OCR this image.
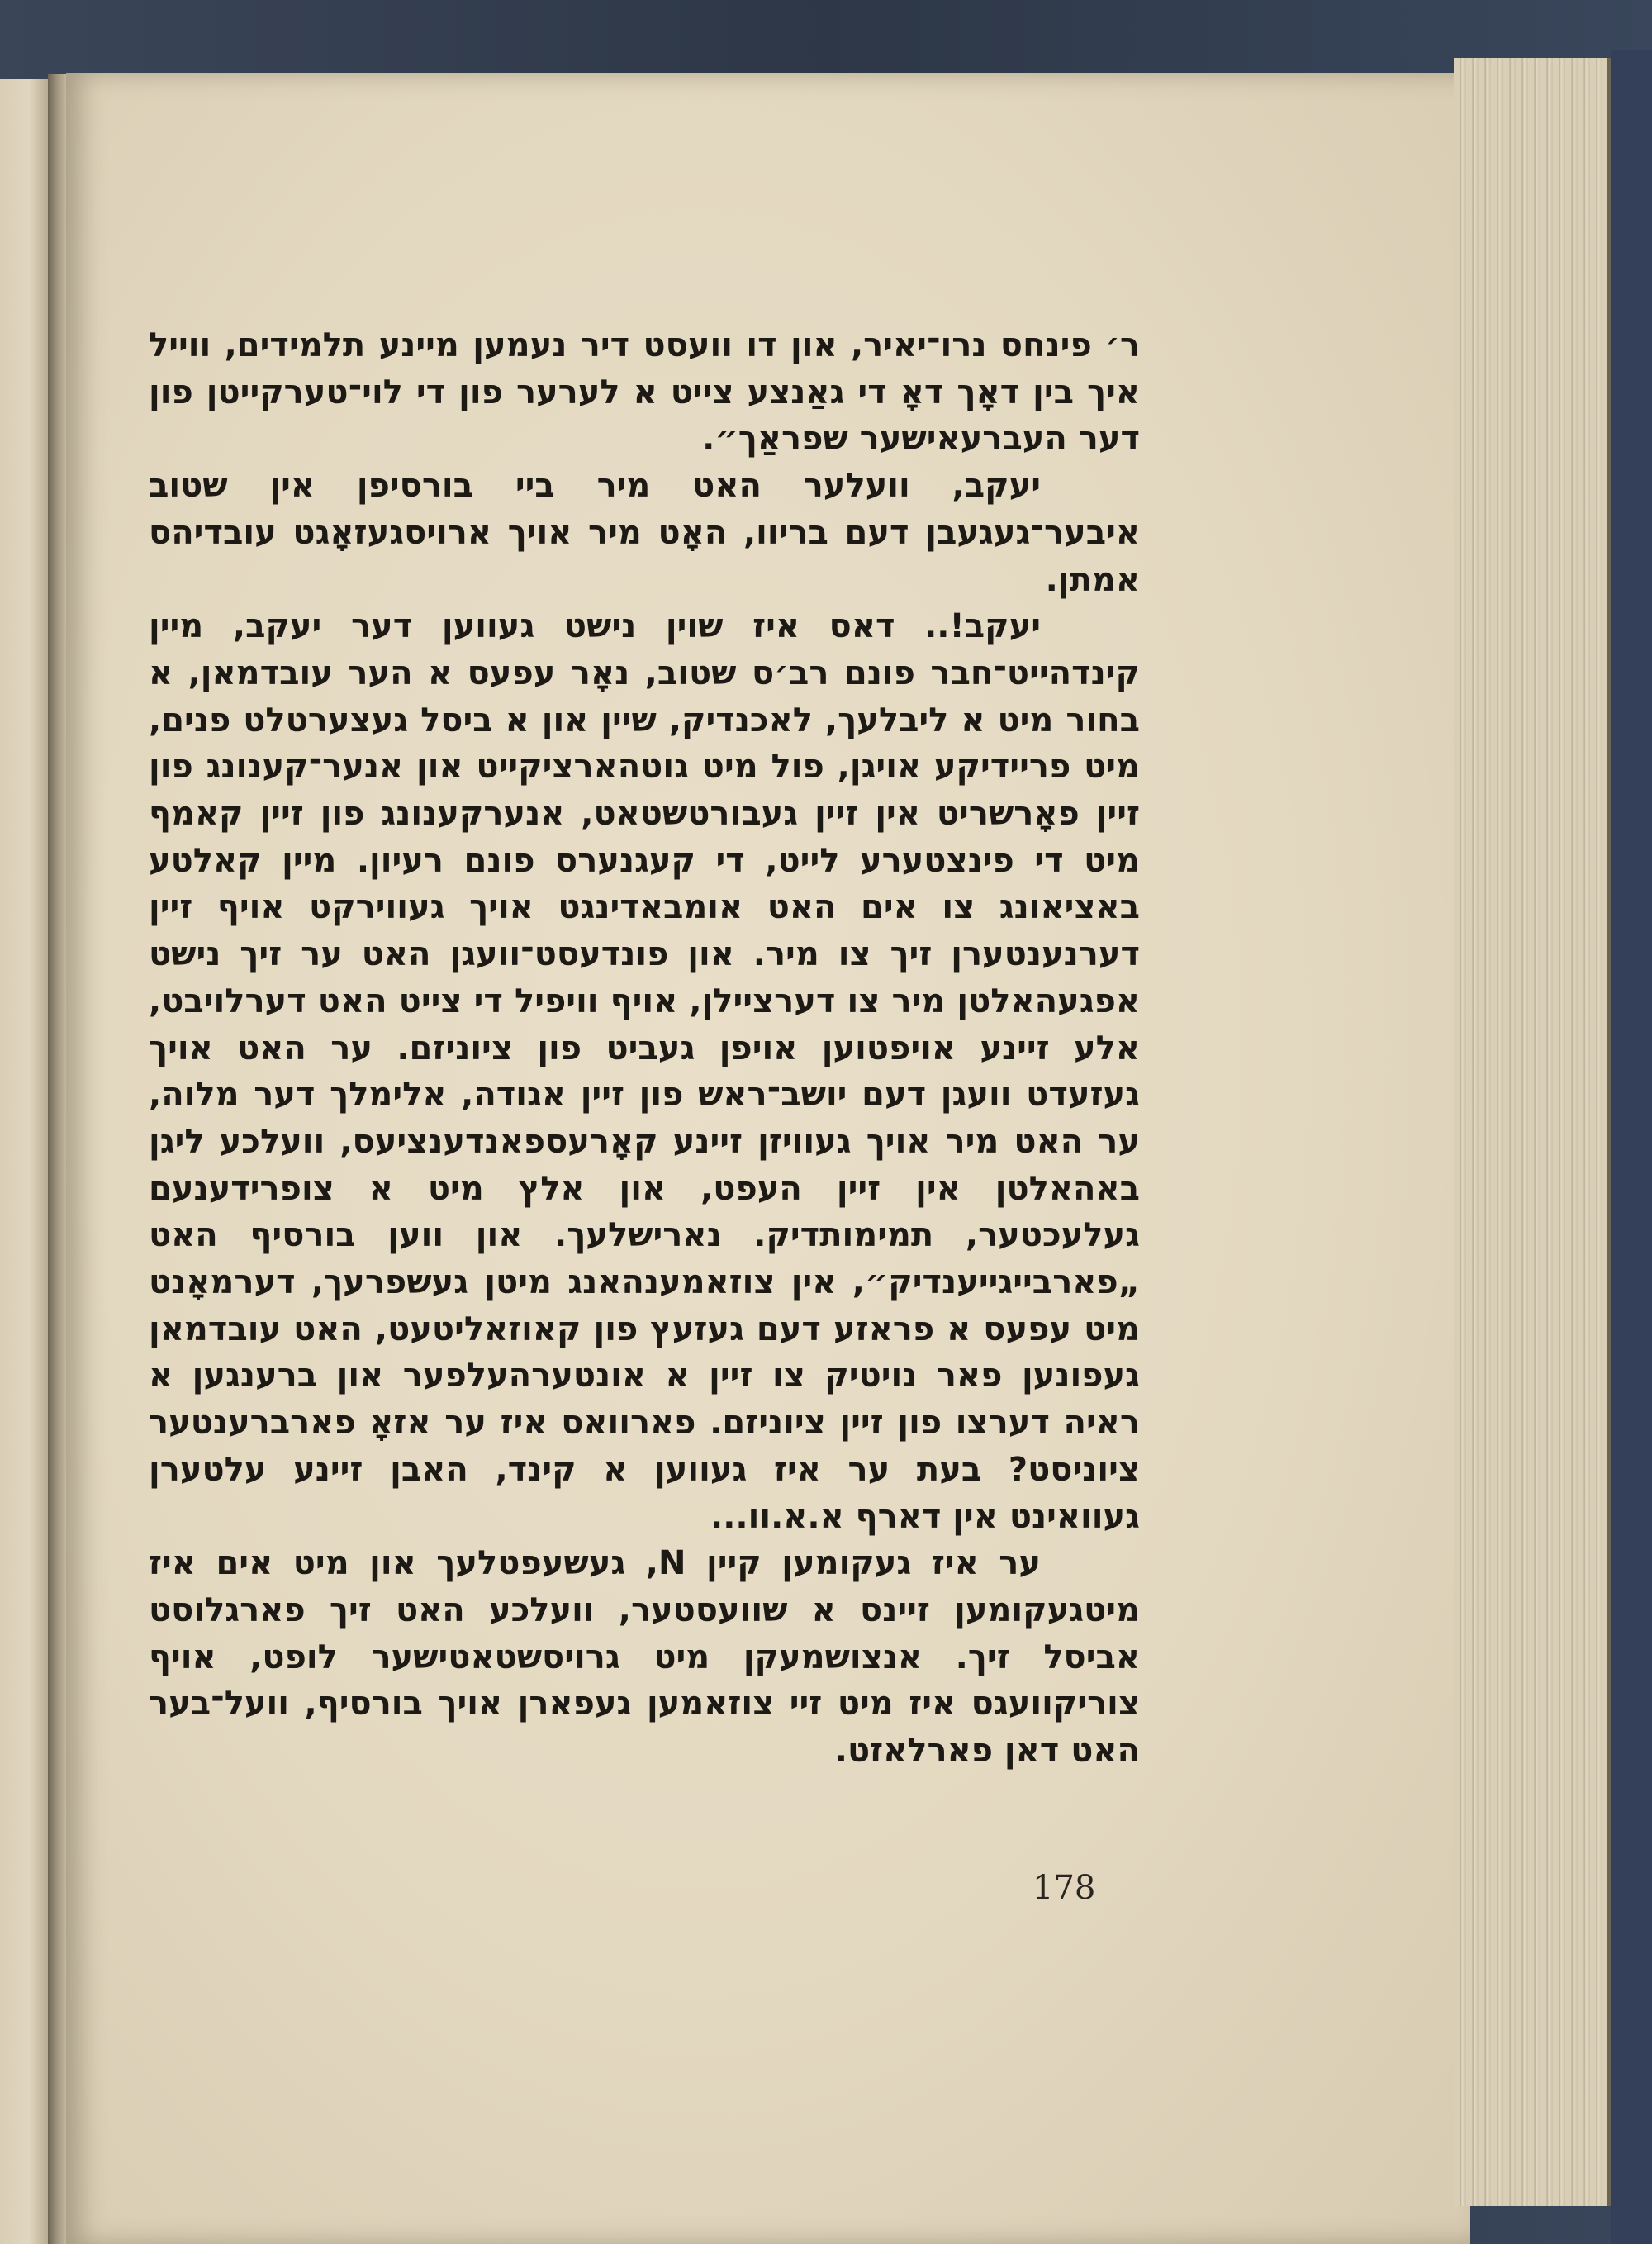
ר׳ פינחס נרו־יאיר, און דו וועסט דיר נעמען מיינע תלמידים, ווייל איך בין דאָך דאָ די גאַנצע צייט א לערער פון די לוי־טערקייטן פון דער העברעאישער שפראַך״.

יעקב, וועלער האט מיר ביי בורסיפן אין שטוב איבער־געגעבן דעם בריוו, האָט מיר אויך ארויסגעזאָגט עובדיהס אמתן.

יעקב!.. דאס איז שוין נישט געווען דער יעקב, מיין קינדהייט־חבר פונם רב׳ס שטוב, נאָר עפעס א הער עובדמאן, א בחור מיט א ליבלעך, לאכנדיק, שיין און א ביסל געצערטלט פנים, מיט פריידיקע אויגן, פול מיט גוטהארציקייט און אנער־קענונג פון זיין פאָרשריט אין זיין געבורטשטאט, אנערקענונג פון זיין קאמף מיט די פינצטערע לייט, די קעגנערס פונם רעיון. מיין קאלטע באציאונג צו אים האט אומבאדינגט אויך געווירקט אויף זיין דערנענטערן זיך צו מיר. און פונדעסט־וועגן האט ער זיך נישט אפגעהאלטן מיר צו דערציילן, אויף וויפיל די צייט האט דערלויבט, אלע זיינע אויפטוען אויפן געביט פון ציוניזם. ער האט אויך געזעדט וועגן דעם יושב־ראש פון זיין אגודה, אלימלך דער מלוה, ער האט מיר אויך געוויזן זיינע קאָרעספאנדענציעס, וועלכע ליגן באהאלטן אין זיין העפט, און אלץ מיט א צופרידענעם געלעכטער, תמימותדיק. נארישלעך. און ווען בורסיף האט „פארבייגייענדיק״, אין צוזאמענהאנג מיטן געשפרעך, דערמאָנט מיט עפעס א פראזע דעם געזעץ פון קאוזאליטעט, האט עובדמאן געפונען פאר נויטיק צו זיין א אונטערהעלפער און ברענגען א ראיה דערצו פון זיין ציוניזם. פארוואס איז ער אזאָ פארברענטער ציוניסט? בעת ער איז געווען א קינד, האבן זיינע עלטערן געוואינט אין דארף א.א.וו...

ער איז געקומען קיין N, געשעפטלעך און מיט אים איז מיטגעקומען זיינס א שוועסטער, וועלכע האט זיך פארגלוסט אביסל זיך. אנצושמעקן מיט גרויסשטאטישער לופט, אויף צוריקוועגס איז מיט זיי צוזאמען געפארן אויך בורסיף, וועל־בער האט דאן פארלאזט.

178
